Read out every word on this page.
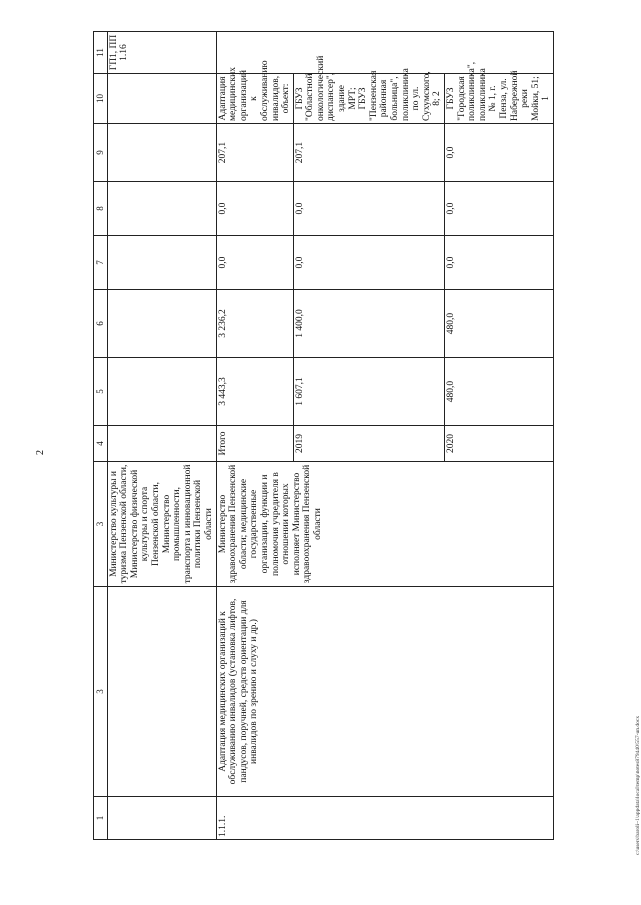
2
c:\users\baroli~1\appdata\local\temp\notes879440\557-un.docx
1	3	3	4	5	6	7	8	9	10	11
		Министерство культуры и туризма Пензенской области, Министерство физической культуры и спорта Пензенской области, Министерство промышленности, транспорта и инновационной политики Пензенской области								ГП1, ПП 1.16
1.1.1.	Адаптация медицинских организаций к обслуживанию инвалидов (установка лифтов, пандусов, поручней, средств ориентации для инвалидов по зрению и слуху и др.)	Министерство здравоохранения Пензенской области; медицинские государственные организации, функции и полномочия учредителя в отношении которых исполняет Министерство здравоохранения Пензенской области	Итого	3 443,3	3 236,2	0,0	0,0	207,1	Адаптация медицинских организаций к обслуживанию инвалидов, объект:	
			2019	1 607,1	1 400,0	0,0	0,0	207,1	ГБУЗ "Областной онкологический диспансер", здание МРТ; ГБУЗ "Пензенская районная больница", поликлиника по ул. Сухумского, 8; 2	
			2020	480,0	480,0	0,0	0,0	0,0	ГБУЗ "Городская поликлиника", поликлиника № 1, г. Пенза, ул. Набережной реки Мойки, 51; 1	
